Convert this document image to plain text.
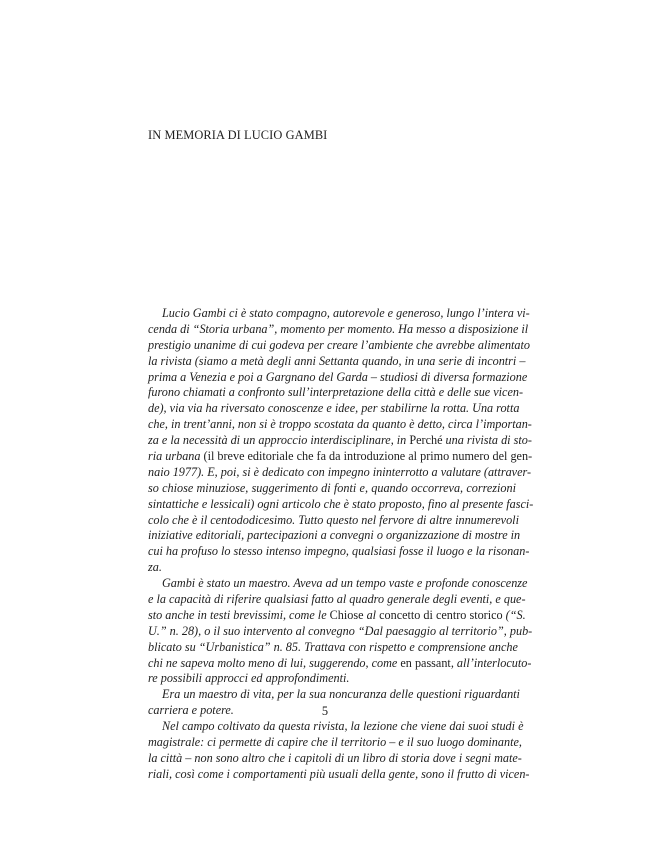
IN MEMORIA DI LUCIO GAMBI
Lucio Gambi ci è stato compagno, autorevole e generoso, lungo l’intera vi-
cenda di “Storia urbana”, momento per momento. Ha messo a disposizione il
prestigio unanime di cui godeva per creare l’ambiente che avrebbe alimentato
la rivista (siamo a metà degli anni Settanta quando, in una serie di incontri –
prima a Venezia e poi a Gargnano del Garda – studiosi di diversa formazione
furono chiamati a confronto sull’interpretazione della città e delle sue vicen-
de), via via ha riversato conoscenze e idee, per stabilirne la rotta. Una rotta
che, in trent’anni, non si è troppo scostata da quanto è detto, circa l’importan-
za e la necessità di un approccio interdisciplinare, in Perché una rivista di sto-
ria urbana (il breve editoriale che fa da introduzione al primo numero del gen-
naio 1977). E, poi, si è dedicato con impegno ininterrotto a valutare (attraver-
so chiose minuziose, suggerimento di fonti e, quando occorreva, correzioni
sintattiche e lessicali) ogni articolo che è stato proposto, fino al presente fasci-
colo che è il centododicesimo. Tutto questo nel fervore di altre innumerevoli
iniziative editoriali, partecipazioni a convegni o organizzazione di mostre in
cui ha profuso lo stesso intenso impegno, qualsiasi fosse il luogo e la risonan-
za.
Gambi è stato un maestro. Aveva ad un tempo vaste e profonde conoscenze
e la capacità di riferire qualsiasi fatto al quadro generale degli eventi, e que-
sto anche in testi brevissimi, come le Chiose al concetto di centro storico (“S.
U.” n. 28), o il suo intervento al convegno “Dal paesaggio al territorio”, pub-
blicato su “Urbanistica” n. 85. Trattava con rispetto e comprensione anche
chi ne sapeva molto meno di lui, suggerendo, come en passant, all’interlocuto-
re possibili approcci ed approfondimenti.
Era un maestro di vita, per la sua noncuranza delle questioni riguardanti
carriera e potere.
Nel campo coltivato da questa rivista, la lezione che viene dai suoi studi è
magistrale: ci permette di capire che il territorio – e il suo luogo dominante,
la città – non sono altro che i capitoli di un libro di storia dove i segni mate-
riali, così come i comportamenti più usuali della gente, sono il frutto di vicen-
5
